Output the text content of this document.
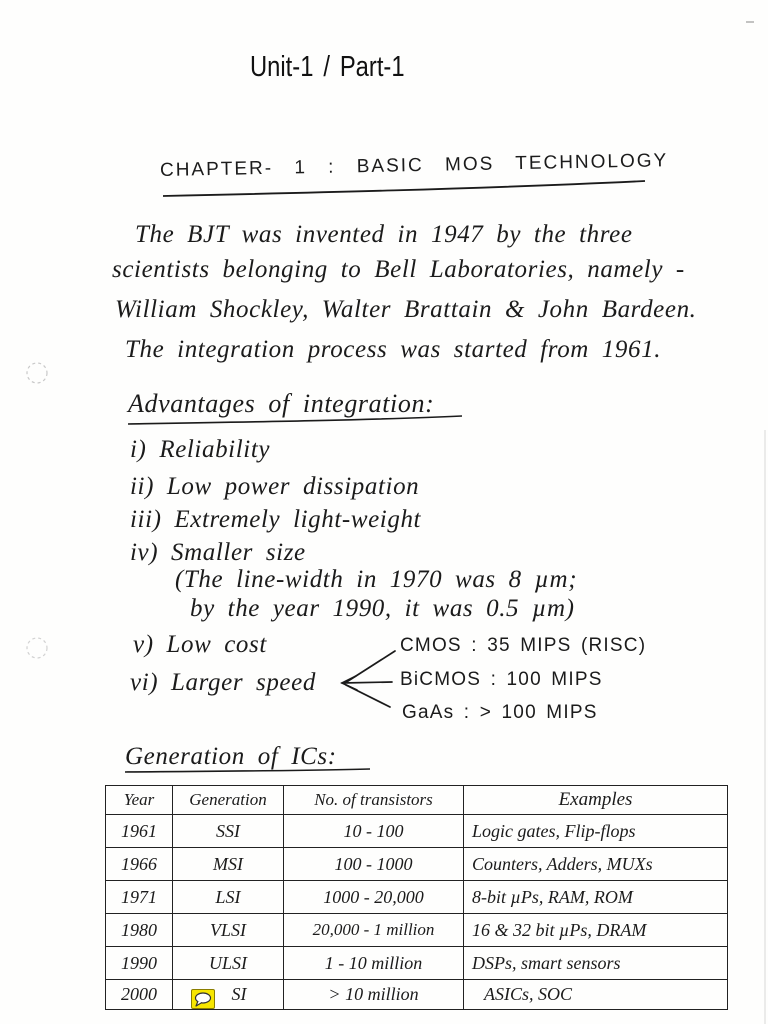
Unit-1 / Part-1
CHAPTER- 1 : BASIC MOS TECHNOLOGY
The BJT was invented in 1947 by the three
scientists belonging to Bell Laboratories, namely -
William Shockley, Walter Brattain & John Bardeen.
The integration process was started from 1961.
Advantages of integration:
i) Reliability
ii) Low power dissipation
iii) Extremely light-weight
iv) Smaller size
(The line-width in 1970 was 8 µm;
by the year 1990, it was 0.5 µm)
v) Low cost
vi) Larger speed
CMOS : 35 MIPS (RISC)
BiCMOS : 100 MIPS
GaAs : > 100 MIPS
Generation of ICs:
Year	Generation	No. of transistors	Examples
1961	SSI	10 - 100	Logic gates, Flip-flops
1966	MSI	100 - 1000	Counters, Adders, MUXs
1971	LSI	1000 - 20,000	8-bit µPs, RAM, ROM
1980	VLSI	20,000 - 1 million	16 & 32 bit µPs, DRAM
1990	ULSI	1 - 10 million	DSPs, smart sensors
2000	SI	> 10 million	ASICs, SOC
